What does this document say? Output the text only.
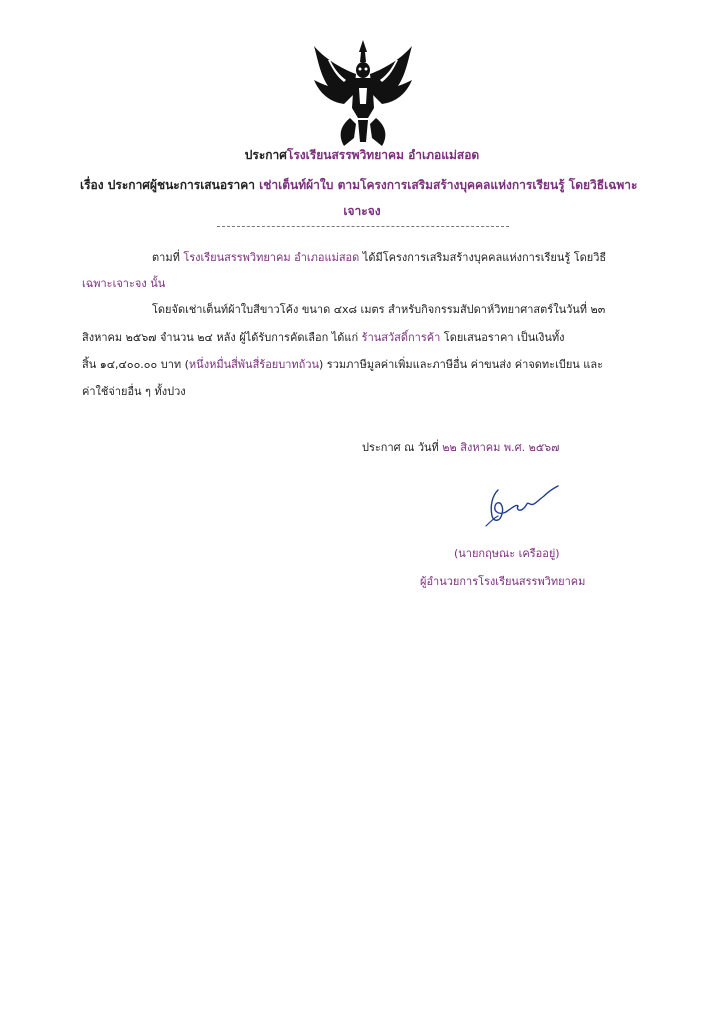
ประกาศโรงเรียนสรรพวิทยาคม อำเภอแม่สอด
เรื่อง ประกาศผู้ชนะการเสนอราคา เช่าเต็นท์ผ้าใบ ตามโครงการเสริมสร้างบุคคลแห่งการเรียนรู้ โดยวิธีเฉพาะ
เจาะจง
ตามที่ โรงเรียนสรรพวิทยาคม อำเภอแม่สอด ได้มีโครงการเสริมสร้างบุคคลแห่งการเรียนรู้ โดยวิธี
เฉพาะเจาะจง นั้น
โดยจัดเช่าเต็นท์ผ้าใบสีขาวโค้ง ขนาด ๔x๘ เมตร สำหรับกิจกรรมสัปดาห์วิทยาศาสตร์ในวันที่ ๒๓
สิงหาคม ๒๕๖๗ จำนวน ๒๔ หลัง ผู้ได้รับการคัดเลือก ได้แก่ ร้านสวัสดิ์การค้า โดยเสนอราคา เป็นเงินทั้ง
สิ้น ๑๔,๔๐๐.๐๐ บาท (หนึ่งหมื่นสี่พันสี่ร้อยบาทถ้วน) รวมภาษีมูลค่าเพิ่มและภาษีอื่น ค่าขนส่ง ค่าจดทะเบียน และ
ค่าใช้จ่ายอื่น ๆ ทั้งปวง
ประกาศ ณ วันที่ ๒๒ สิงหาคม พ.ศ. ๒๕๖๗
(นายกฤษณะ เครืออยู่)
ผู้อำนวยการโรงเรียนสรรพวิทยาคม
